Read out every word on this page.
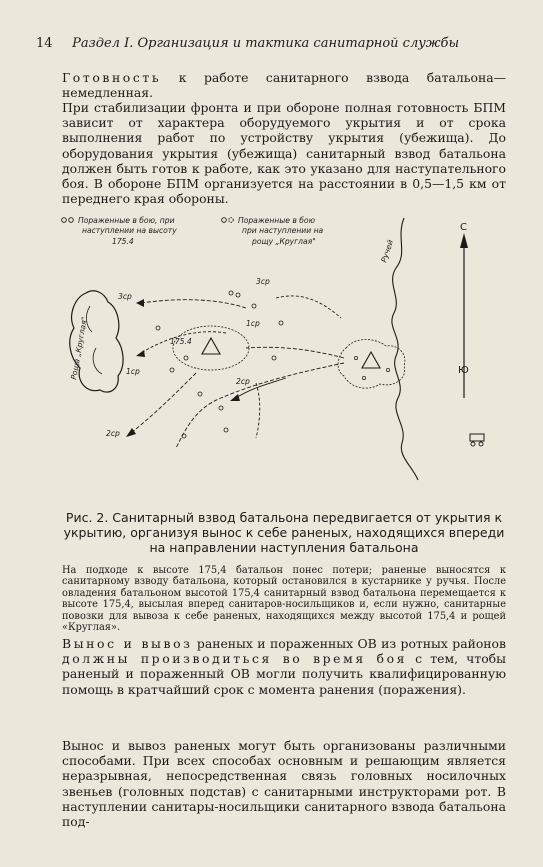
14 Раздел I. Организация и тактика санитарной службы
Готовность к работе санитарного взвода батальона—немедленная.
При стабилизации фронта и при обороне полная готовность БПМ зависит от характера оборудуемого укрытия и от срока выполнения работ по устройству укрытия (убежища). До оборудования укрытия (убежища) санитарный взвод батальона должен быть готов к работе, как это указано для наступательного боя. В обороне БПМ организуется на расстоянии в 0,5—1,5 км от переднего края обороны.
Пораженные в бою, при
наступлении на высоту
175.4
Пораженные в бою
при наступлении на
рощу „Круглая"
Роща „Круглая"
Ручей
С
Ю
175.4
3ср
3ср
1ср
1ср
2ср
2ср
Рис. 2. Санитарный взвод батальона передвигается от укрытия к укрытию, организуя вынос к себе раненых, находящихся впереди на направлении наступления батальона
На подходе к высоте 175,4 батальон понес потери; раненые выносятся к санитарному взводу батальона, который остановился в кустарнике у ручья. После овладения батальоном высотой 175,4 санитарный взвод батальона перемещается к высоте 175,4, высылая вперед санитаров-носильщиков и, если нужно, санитарные повозки для вывоза к себе раненых, находящихся между высотой 175,4 и рощей «Круглая».
Вынос и вывоз раненых и пораженных ОВ из ротных районов должны производиться во время боя с тем, чтобы раненый и пораженный ОВ могли получить квалифицированную помощь в кратчайший срок с момента ранения (поражения).
Вынос и вывоз раненых могут быть организованы различными способами. При всех способах основным и решающим является неразрывная, непосредственная связь головных носилочных звеньев (головных подстав) с санитарными инструкторами рот. В наступлении санитары-носильщики санитарного взвода батальона под-
